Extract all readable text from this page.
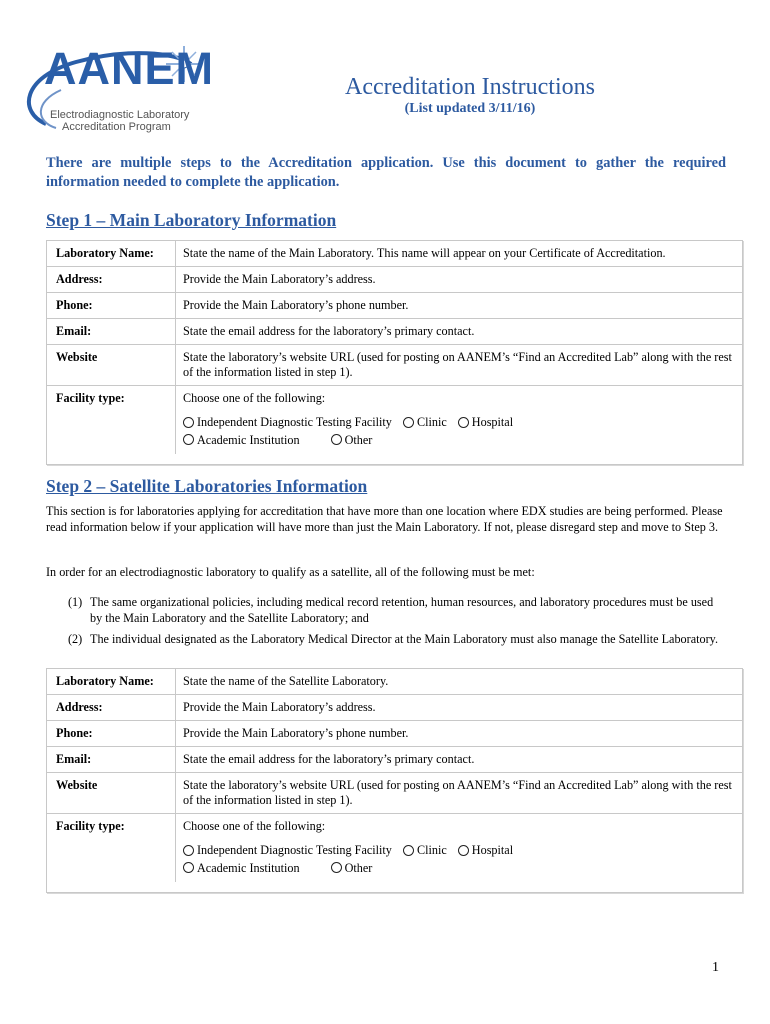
AANEM
Electrodiagnostic Laboratory
Accreditation Program
Accreditation Instructions
(List updated 3/11/16)
There are multiple steps to the Accreditation application. Use this document to gather the required information needed to complete the application.
Step 1 – Main Laboratory Information
Laboratory Name:	State the name of the Main Laboratory. This name will appear on your Certificate of Accreditation.
Address:	Provide the Main Laboratory’s address.
Phone:	Provide the Main Laboratory’s phone number.
Email:	State the email address for the laboratory’s primary contact.
Website	State the laboratory’s website URL (used for posting on AANEM’s “Find an Accredited Lab” along with the rest of the information listed in step 1).
Facility type:	Choose one of the following:
Independent Diagnostic Testing Facility
Clinic
Hospital
Academic Institution
	Other
Step 2 – Satellite Laboratories Information
This section is for laboratories applying for accreditation that have more than one location where EDX studies are being performed. Please read information below if your application will have more than just the Main Laboratory. If not, please disregard step and move to Step 3.
In order for an electrodiagnostic laboratory to qualify as a satellite, all of the following must be met:
(1) The same organizational policies, including medical record retention, human resources, and laboratory procedures must be used by the Main Laboratory and the Satellite Laboratory; and
(2) The individual designated as the Laboratory Medical Director at the Main Laboratory must also manage the Satellite Laboratory.
Laboratory Name:	State the name of the Satellite Laboratory.
Address:	Provide the Main Laboratory’s address.
Phone:	Provide the Main Laboratory’s phone number.
Email:	State the email address for the laboratory’s primary contact.
Website	State the laboratory’s website URL (used for posting on AANEM’s “Find an Accredited Lab” along with the rest of the information listed in step 1).
Facility type:	Choose one of the following:
Independent Diagnostic Testing Facility
Clinic
Hospital
Academic Institution
	Other
1
